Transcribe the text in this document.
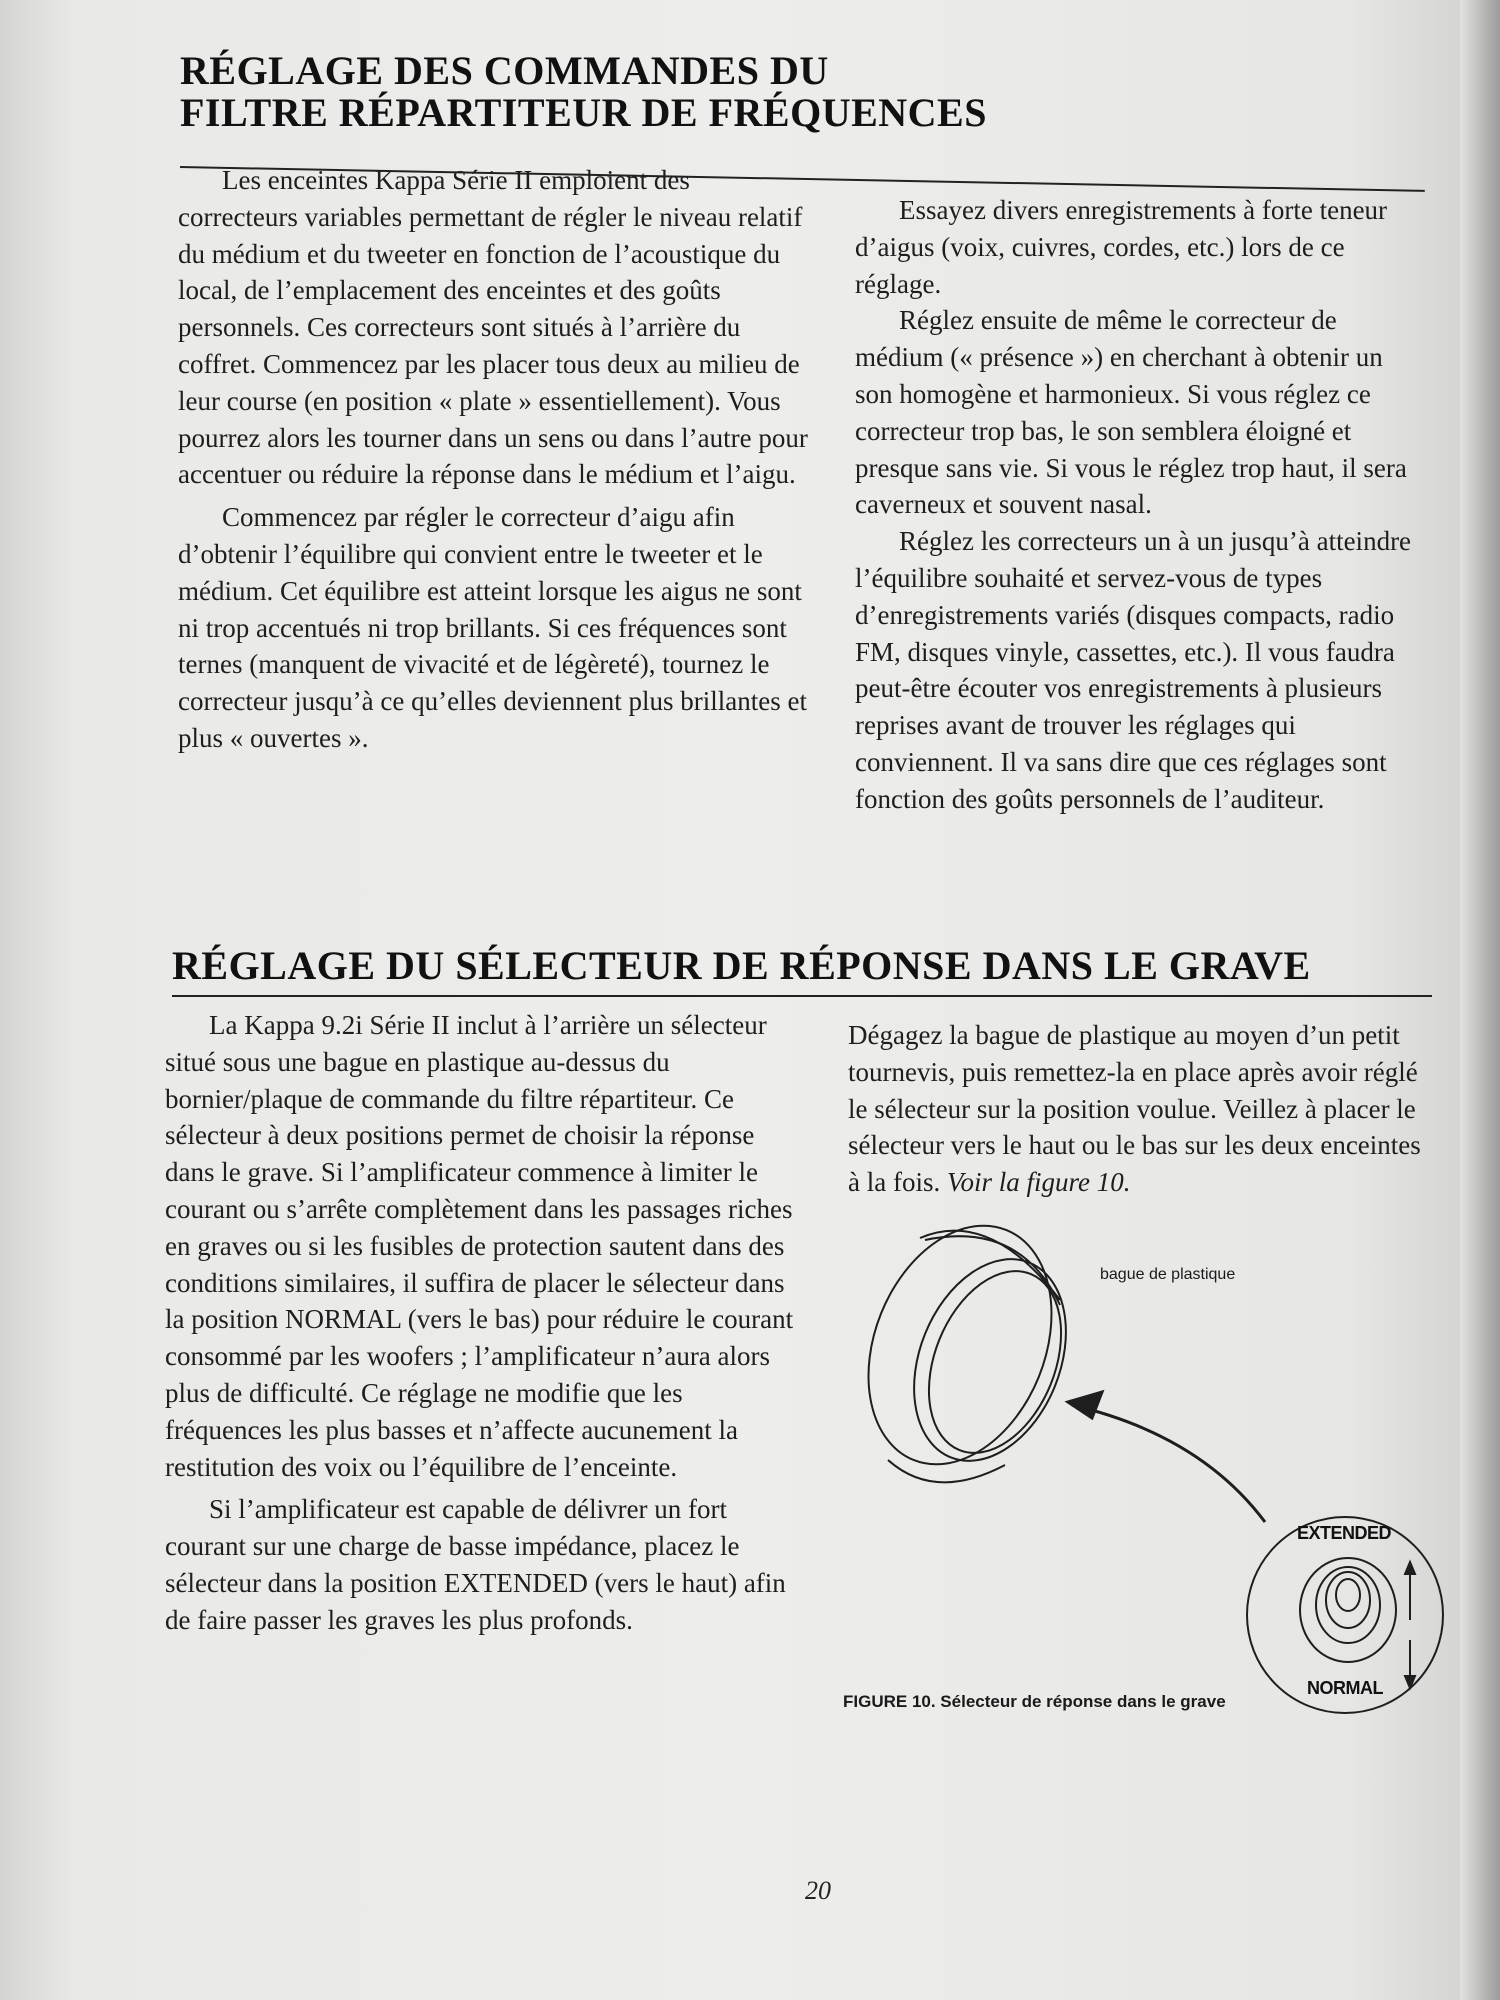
RÉGLAGE DES COMMANDES DU
FILTRE RÉPARTITEUR DE FRÉQUENCES

Les enceintes Kappa Série II emploient des correcteurs variables permettant de régler le niveau relatif du médium et du tweeter en fonction de l’acoustique du local, de l’emplacement des enceintes et des goûts personnels. Ces correcteurs sont situés à l’arrière du coffret. Commencez par les placer tous deux au milieu de leur course (en position « plate » essentiellement). Vous pourrez alors les tourner dans un sens ou dans l’autre pour accentuer ou réduire la réponse dans le médium et l’aigu.

Commencez par régler le correcteur d’aigu afin d’obtenir l’équilibre qui convient entre le tweeter et le médium. Cet équilibre est atteint lorsque les aigus ne sont ni trop accentués ni trop brillants. Si ces fréquences sont ternes (manquent de vivacité et de légèreté), tournez le correcteur jusqu’à ce qu’elles deviennent plus brillantes et plus « ouvertes ».

Essayez divers enregistrements à forte teneur d’aigus (voix, cuivres, cordes, etc.) lors de ce réglage.

Réglez ensuite de même le correcteur de médium (« présence ») en cherchant à obtenir un son homogène et harmonieux. Si vous réglez ce correcteur trop bas, le son semblera éloigné et presque sans vie. Si vous le réglez trop haut, il sera caverneux et souvent nasal.

Réglez les correcteurs un à un jusqu’à atteindre l’équilibre souhaité et servez-vous de types d’enregistrements variés (disques compacts, radio FM, disques vinyle, cassettes, etc.). Il vous faudra peut-être écouter vos enregistrements à plusieurs reprises avant de trouver les réglages qui conviennent. Il va sans dire que ces réglages sont fonction des goûts personnels de l’auditeur.

RÉGLAGE DU SÉLECTEUR DE RÉPONSE DANS LE GRAVE

La Kappa 9.2i Série II inclut à l’arrière un sélecteur situé sous une bague en plastique au-dessus du bornier/plaque de commande du filtre répartiteur. Ce sélecteur à deux positions permet de choisir la réponse dans le grave. Si l’amplificateur commence à limiter le courant ou s’arrête complètement dans les passages riches en graves ou si les fusibles de protection sautent dans des conditions similaires, il suffira de placer le sélecteur dans la position NORMAL (vers le bas) pour réduire le courant consommé par les woofers ; l’amplificateur n’aura alors plus de difficulté. Ce réglage ne modifie que les fréquences les plus basses et n’affecte aucunement la restitution des voix ou l’équilibre de l’enceinte.

Si l’amplificateur est capable de délivrer un fort courant sur une charge de basse impédance, placez le sélecteur dans la position EXTENDED (vers le haut) afin de faire passer les graves les plus profonds.

Dégagez la bague de plastique au moyen d’un petit tournevis, puis remettez-la en place après avoir réglé le sélecteur sur la position voulue. Veillez à placer le sélecteur vers le haut ou le bas sur les deux enceintes à la fois. Voir la figure 10.

bague de plastique
EXTENDED
NORMAL
FIGURE 10. Sélecteur de réponse dans le grave
20
